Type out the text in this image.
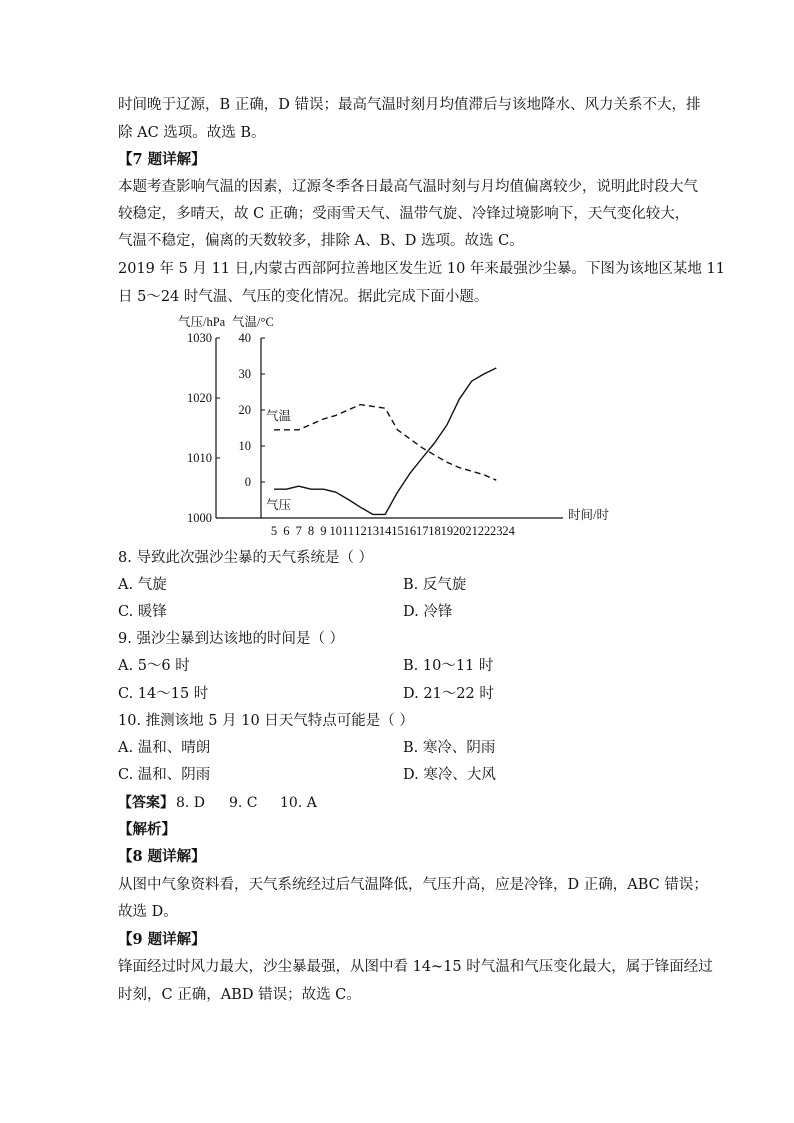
时间晚于辽源，B 正确，D 错误；最高气温时刻月均值滞后与该地降水、风力关系不大，排
除 AC 选项。故选 B。
【7 题详解】
本题考查影响气温的因素，辽源冬季各日最高气温时刻与月均值偏离较少，说明此时段大气
较稳定，多晴天，故 C 正确；受雨雪天气、温带气旋、冷锋过境影响下，天气变化较大，
气温不稳定，偏离的天数较多，排除 A、B、D 选项。故选 C。
2019 年 5 月 11 日,内蒙古西部阿拉善地区发生近 10 年来最强沙尘暴。下图为该地区某地 11
日 5～24 时气温、气压的变化情况。据此完成下面小题。
气压/hPa 气温/°C
时间/时
1030
1020
1010
1000
40
30
20
10
0
5 6 7 8 9 10 11 12 13 14 15 16 17 18 19 20 21 22 23 24
气温
气压
8. 导致此次强沙尘暴的天气系统是（ ）
A. 气旋	B. 反气旋
C. 暖锋	D. 冷锋
9. 强沙尘暴到达该地的时间是（ ）
A. 5～6 时	B. 10～11 时
C. 14～15 时	D. 21～22 时
10. 推测该地 5 月 10 日天气特点可能是（ ）
A. 温和、晴朗	B. 寒冷、阴雨
C. 温和、阴雨	D. 寒冷、大风
【答案】 8. D 9. C 10. A
【解析】
【8 题详解】
从图中气象资料看，天气系统经过后气温降低，气压升高，应是冷锋，D 正确，ABC 错误；
故选 D。
【9 题详解】
锋面经过时风力最大，沙尘暴最强，从图中看 14~15 时气温和气压变化最大，属于锋面经过
时刻，C 正确，ABD 错误；故选 C。
